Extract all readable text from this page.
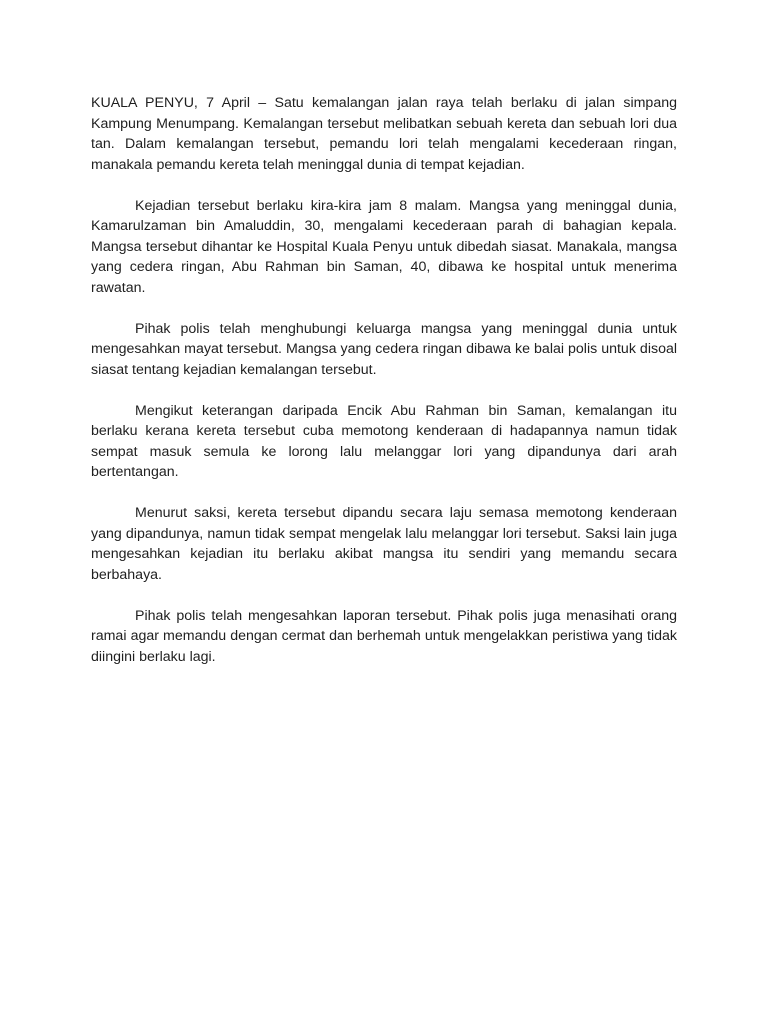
KUALA PENYU, 7 April – Satu kemalangan jalan raya telah berlaku di jalan simpang Kampung Menumpang. Kemalangan tersebut melibatkan sebuah kereta dan sebuah lori dua tan. Dalam kemalangan tersebut, pemandu lori telah mengalami kecederaan ringan, manakala pemandu kereta telah meninggal dunia di tempat kejadian.

Kejadian tersebut berlaku kira-kira jam 8 malam. Mangsa yang meninggal dunia, Kamarulzaman bin Amaluddin, 30, mengalami kecederaan parah di bahagian kepala. Mangsa tersebut dihantar ke Hospital Kuala Penyu untuk dibedah siasat. Manakala, mangsa yang cedera ringan, Abu Rahman bin Saman, 40, dibawa ke hospital untuk menerima rawatan.

Pihak polis telah menghubungi keluarga mangsa yang meninggal dunia untuk mengesahkan mayat tersebut. Mangsa yang cedera ringan dibawa ke balai polis untuk disoal siasat tentang kejadian kemalangan tersebut.

Mengikut keterangan daripada Encik Abu Rahman bin Saman, kemalangan itu berlaku kerana kereta tersebut cuba memotong kenderaan di hadapannya namun tidak sempat masuk semula ke lorong lalu melanggar lori yang dipandunya dari arah bertentangan.

Menurut saksi, kereta tersebut dipandu secara laju semasa memotong kenderaan yang dipandunya, namun tidak sempat mengelak lalu melanggar lori tersebut. Saksi lain juga mengesahkan kejadian itu berlaku akibat mangsa itu sendiri yang memandu secara berbahaya.

Pihak polis telah mengesahkan laporan tersebut. Pihak polis juga menasihati orang ramai agar memandu dengan cermat dan berhemah untuk mengelakkan peristiwa yang tidak diingini berlaku lagi.
